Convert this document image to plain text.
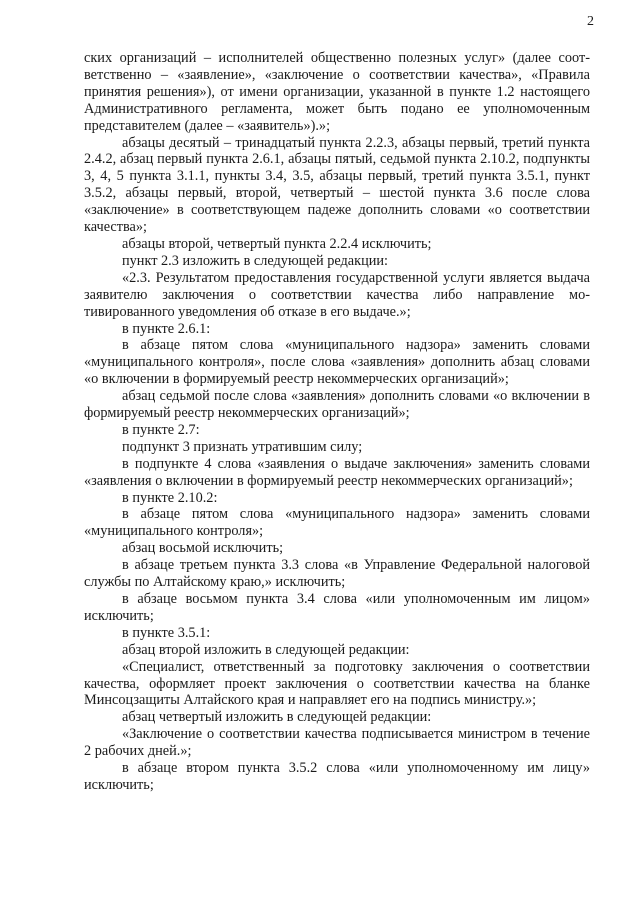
2

ских организаций – исполнителей общественно полезных услуг» (далее соответственно – «заявление», «заключение о соответствии качества», «Правила принятия решения»), от имени организации, указанной в пункте 1.2 настоящего Административного регламента, может быть подано ее уполномоченным представителем (далее – «заявитель»).»;

абзацы десятый – тринадцатый пункта 2.2.3, абзацы первый, третий пункта 2.4.2, абзац первый пункта 2.6.1, абзацы пятый, седьмой пункта 2.10.2, подпункты 3, 4, 5 пункта 3.1.1, пункты 3.4, 3.5, абзацы первый, третий пункта 3.5.1, пункт 3.5.2, абзацы первый, второй, четвертый – шестой пункта 3.6 после слова «заключение» в соответствующем падеже дополнить словами «о соответствии качества»;

абзацы второй, четвертый пункта 2.2.4 исключить;

пункт 2.3 изложить в следующей редакции:

«2.3. Результатом предоставления государственной услуги является выдача заявителю заключения о соответствии качества либо направление мотивированного уведомления об отказе в его выдаче.»;

в пункте 2.6.1:

в абзаце пятом слова «муниципального надзора» заменить словами «муниципального контроля», после слова «заявления» дополнить абзац словами «о включении в формируемый реестр некоммерческих организаций»;

абзац седьмой после слова «заявления» дополнить словами «о включении в формируемый реестр некоммерческих организаций»;

в пункте 2.7:

подпункт 3 признать утратившим силу;

в подпункте 4 слова «заявления о выдаче заключения» заменить словами «заявления о включении в формируемый реестр некоммерческих организаций»;

в пункте 2.10.2:

в абзаце пятом слова «муниципального надзора» заменить словами «муниципального контроля»;

абзац восьмой исключить;

в абзаце третьем пункта 3.3 слова «в Управление Федеральной налоговой службы по Алтайскому краю,» исключить;

в абзаце восьмом пункта 3.4 слова «или уполномоченным им лицом» исключить;

в пункте 3.5.1:

абзац второй изложить в следующей редакции:

«Специалист, ответственный за подготовку заключения о соответствии качества, оформляет проект заключения о соответствии качества на бланке Минсоцзащиты Алтайского края и направляет его на подпись министру.»;

абзац четвертый изложить в следующей редакции:

«Заключение о соответствии качества подписывается министром в течение 2 рабочих дней.»;

в абзаце втором пункта 3.5.2 слова «или уполномоченному им лицу» исключить;
